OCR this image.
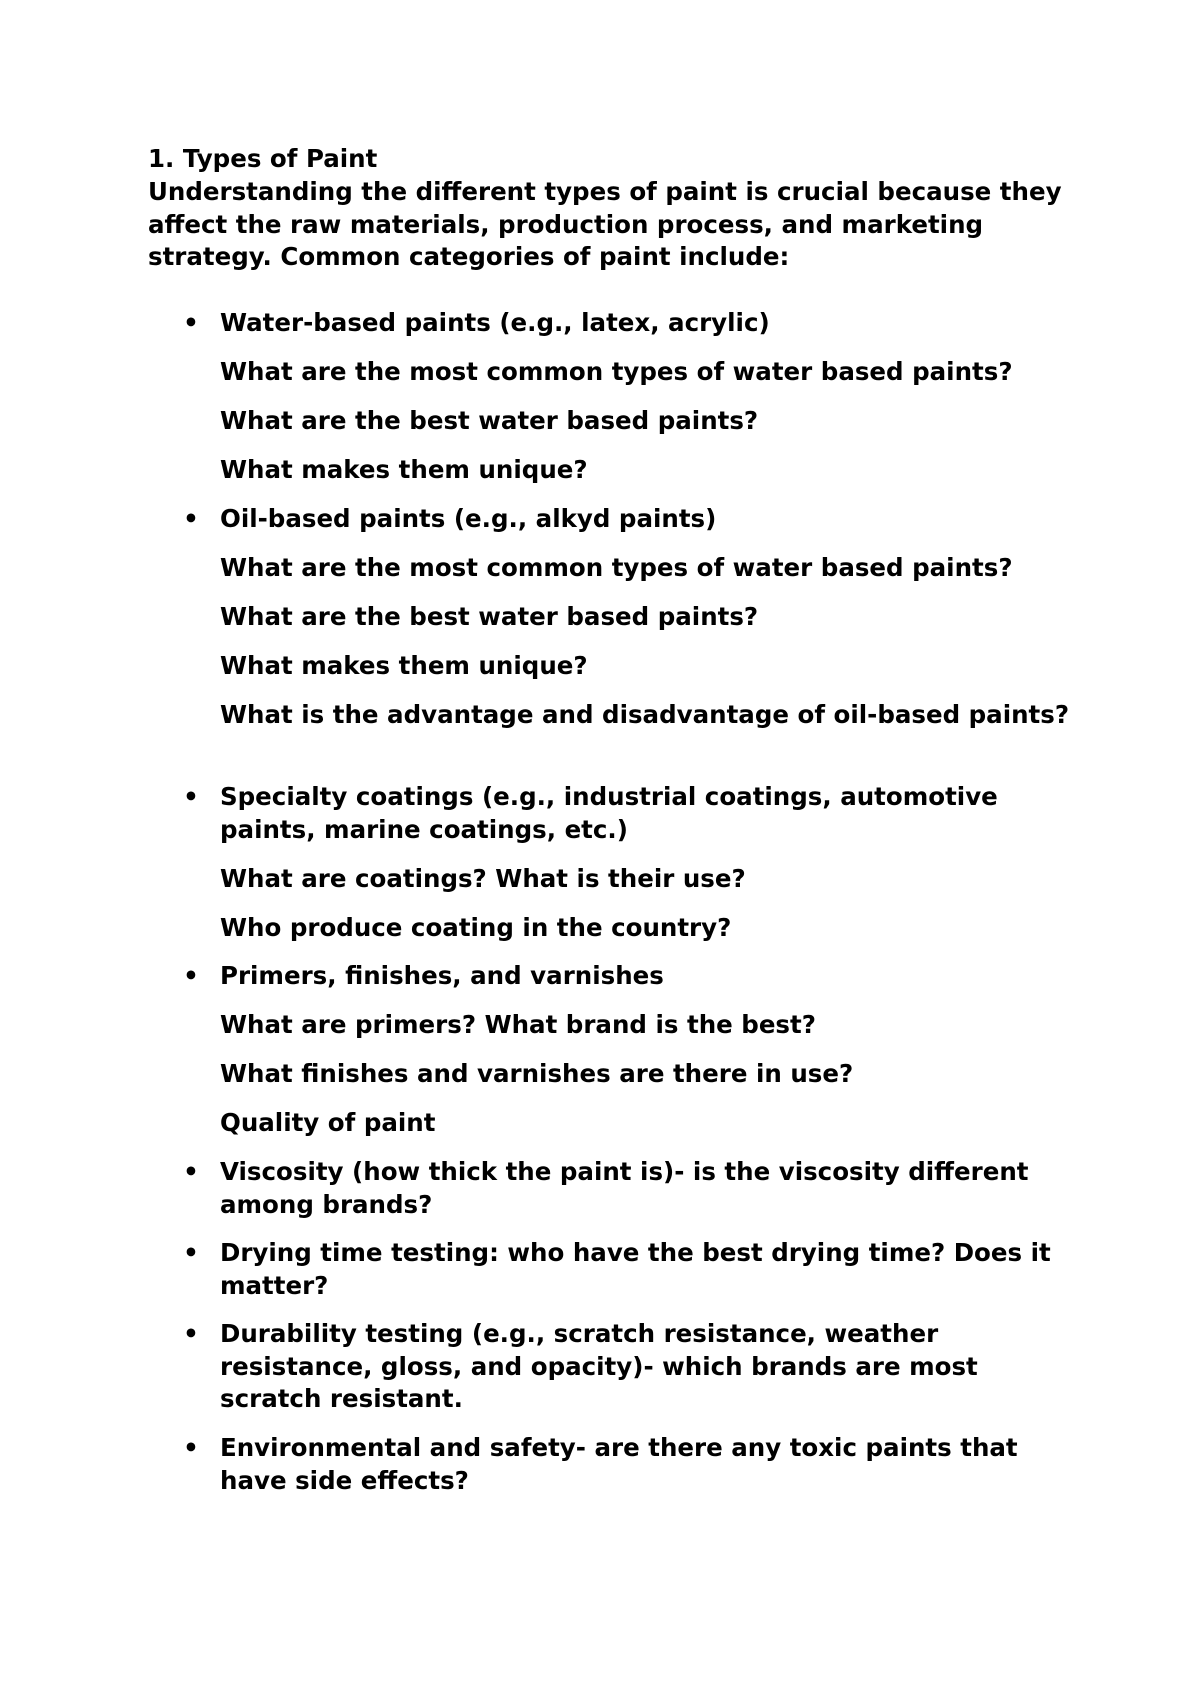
1. Types of Paint

Understanding the different types of paint is crucial because they affect the raw materials, production process, and marketing strategy. Common categories of paint include:

• Water-based paints (e.g., latex, acrylic)
What are the most common types of water based paints?
What are the best water based paints?
What makes them unique?
• Oil-based paints (e.g., alkyd paints)
What are the most common types of water based paints?
What are the best water based paints?
What makes them unique?
What is the advantage and disadvantage of oil-based paints?
• Specialty coatings (e.g., industrial coatings, automotive paints, marine coatings, etc.)
What are coatings? What is their use?
Who produce coating in the country?
• Primers, finishes, and varnishes
What are primers? What brand is the best?
What finishes and varnishes are there in use?
Quality of paint
• Viscosity (how thick the paint is)- is the viscosity different among brands?
• Drying time testing: who have the best drying time? Does it matter?
• Durability testing (e.g., scratch resistance, weather resistance, gloss, and opacity)- which brands are most scratch resistant.
• Environmental and safety- are there any toxic paints that have side effects?
